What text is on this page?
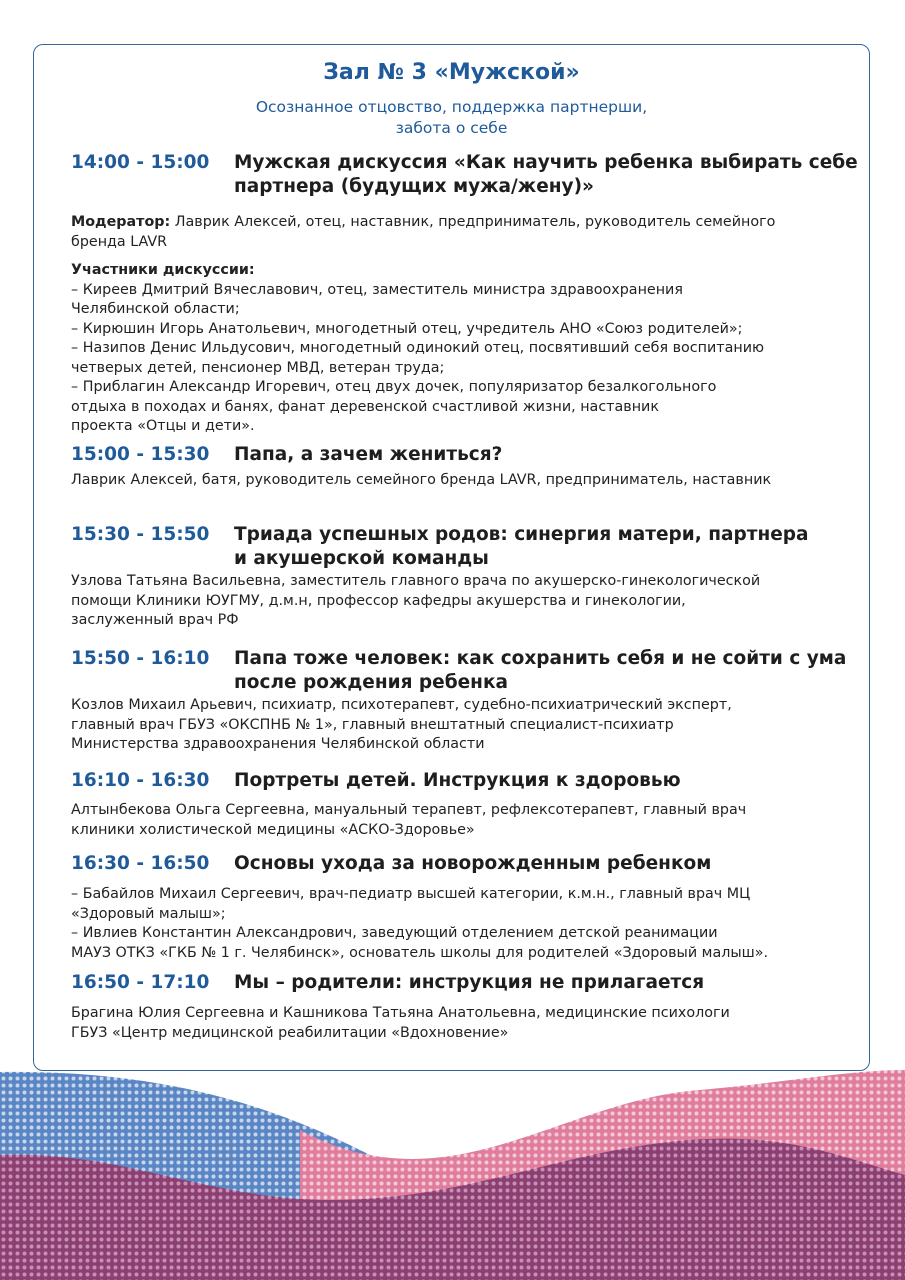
Зал № 3 «Мужской»
Осознанное отцовство, поддержка партнерши,
забота о себе
14:00 - 15:00 Мужская дискуссия «Как научить ребенка выбирать себе
партнера (будущих мужа/жену)»
Модератор: Лаврик Алексей, отец, наставник, предприниматель, руководитель семейного
бренда LAVR
Участники дискуссии:
– Киреев Дмитрий Вячеславович, отец, заместитель министра здравоохранения
Челябинской области;
– Кирюшин Игорь Анатольевич, многодетный отец, учредитель АНО «Союз родителей»;
– Назипов Денис Ильдусович, многодетный одинокий отец, посвятивший себя воспитанию
четверых детей, пенсионер МВД, ветеран труда;
– Приблагин Александр Игоревич, отец двух дочек, популяризатор безалкогольного
отдыха в походах и банях, фанат деревенской счастливой жизни, наставник
проекта «Отцы и дети».
15:00 - 15:30 Папа, а зачем жениться?
Лаврик Алексей, батя, руководитель семейного бренда LAVR, предприниматель, наставник
15:30 - 15:50 Триада успешных родов: синергия матери, партнера
и акушерской команды
Узлова Татьяна Васильевна, заместитель главного врача по акушерско-гинекологической
помощи Клиники ЮУГМУ, д.м.н, профессор кафедры акушерства и гинекологии,
заслуженный врач РФ
15:50 - 16:10 Папа тоже человек: как сохранить себя и не сойти с ума
после рождения ребенка
Козлов Михаил Арьевич, психиатр, психотерапевт, судебно-психиатрический эксперт,
главный врач ГБУЗ «ОКСПНБ № 1», главный внештатный специалист-психиатр
Министерства здравоохранения Челябинской области
16:10 - 16:30 Портреты детей. Инструкция к здоровью
Алтынбекова Ольга Сергеевна, мануальный терапевт, рефлексотерапевт, главный врач
клиники холистической медицины «АСКО-Здоровье»
16:30 - 16:50 Основы ухода за новорожденным ребенком
– Бабайлов Михаил Сергеевич, врач-педиатр высшей категории, к.м.н., главный врач МЦ
«Здоровый малыш»;
– Ивлиев Константин Александрович, заведующий отделением детской реанимации
МАУЗ ОТКЗ «ГКБ № 1 г. Челябинск», основатель школы для родителей «Здоровый малыш».
16:50 - 17:10 Мы – родители: инструкция не прилагается
Брагина Юлия Сергеевна и Кашникова Татьяна Анатольевна, медицинские психологи
ГБУЗ «Центр медицинской реабилитации «Вдохновение»
